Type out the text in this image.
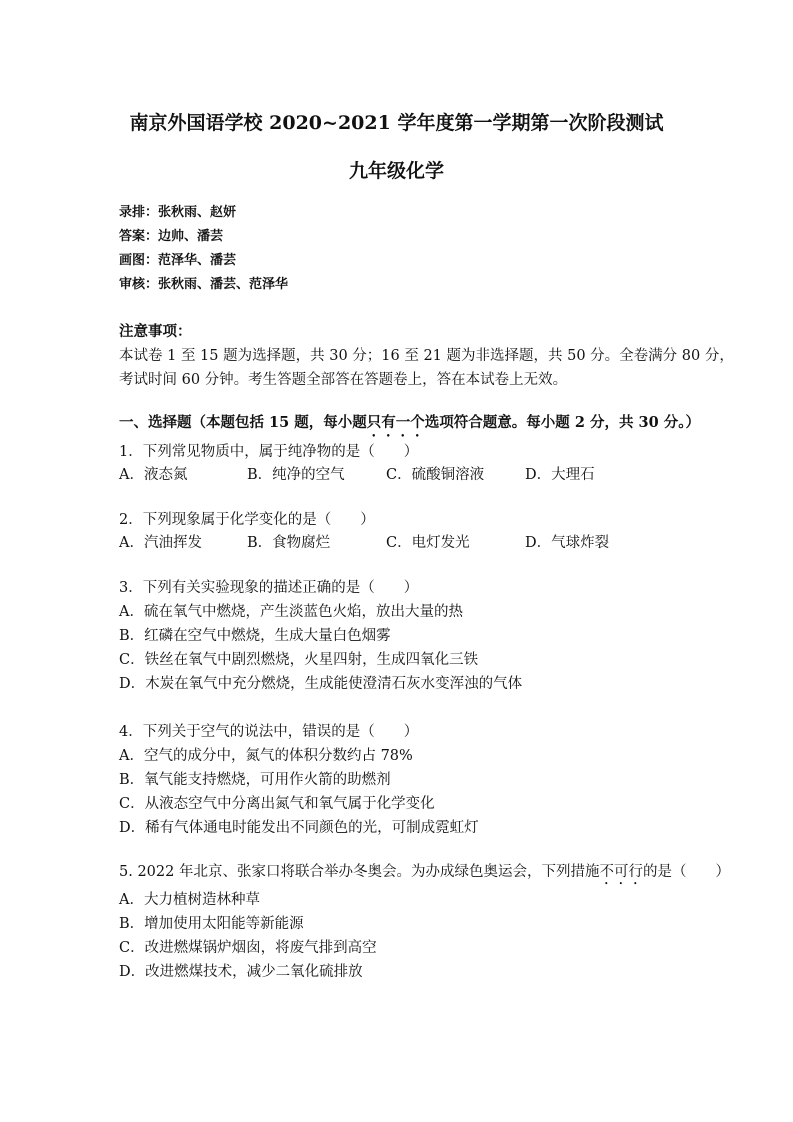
南京外国语学校 2020~2021 学年度第一学期第一次阶段测试
九年级化学
录排：张秋雨、赵妍
答案：边帅、潘芸
画图：范泽华、潘芸
审核：张秋雨、潘芸、范泽华
注意事项：
本试卷 1 至 15 题为选择题，共 30 分；16 至 21 题为非选择题，共 50 分。全卷满分 80 分，
考试时间 60 分钟。考生答题全部答在答题卷上，答在本试卷上无效。
一、选择题（本题包括 15 题，每小题只有一个选项符合题意。每小题 2 分，共 30 分。）
1．下列常见物质中，属于纯净物的是（　　）
A．液态氮	B．纯净的空气	C．硫酸铜溶液	D．大理石
2．下列现象属于化学变化的是（　　）
A．汽油挥发	B．食物腐烂	C．电灯发光	D．气球炸裂
3．下列有关实验现象的描述正确的是（　　）
A．硫在氧气中燃烧，产生淡蓝色火焰，放出大量的热
B．红磷在空气中燃烧，生成大量白色烟雾
C．铁丝在氧气中剧烈燃烧，火星四射，生成四氧化三铁
D．木炭在氧气中充分燃烧，生成能使澄清石灰水变浑浊的气体
4．下列关于空气的说法中，错误的是（　　）
A．空气的成分中，氮气的体积分数约占 78%
B．氧气能支持燃烧，可用作火箭的助燃剂
C．从液态空气中分离出氮气和氧气属于化学变化
D．稀有气体通电时能发出不同颜色的光，可制成霓虹灯
5. 2022 年北京、张家口将联合举办冬奥会。为办成绿色奥运会，下列措施不可行的是（　　）
A．大力植树造林种草
B．增加使用太阳能等新能源
C．改进燃煤锅炉烟囱，将废气排到高空
D．改进燃煤技术，减少二氧化硫排放
